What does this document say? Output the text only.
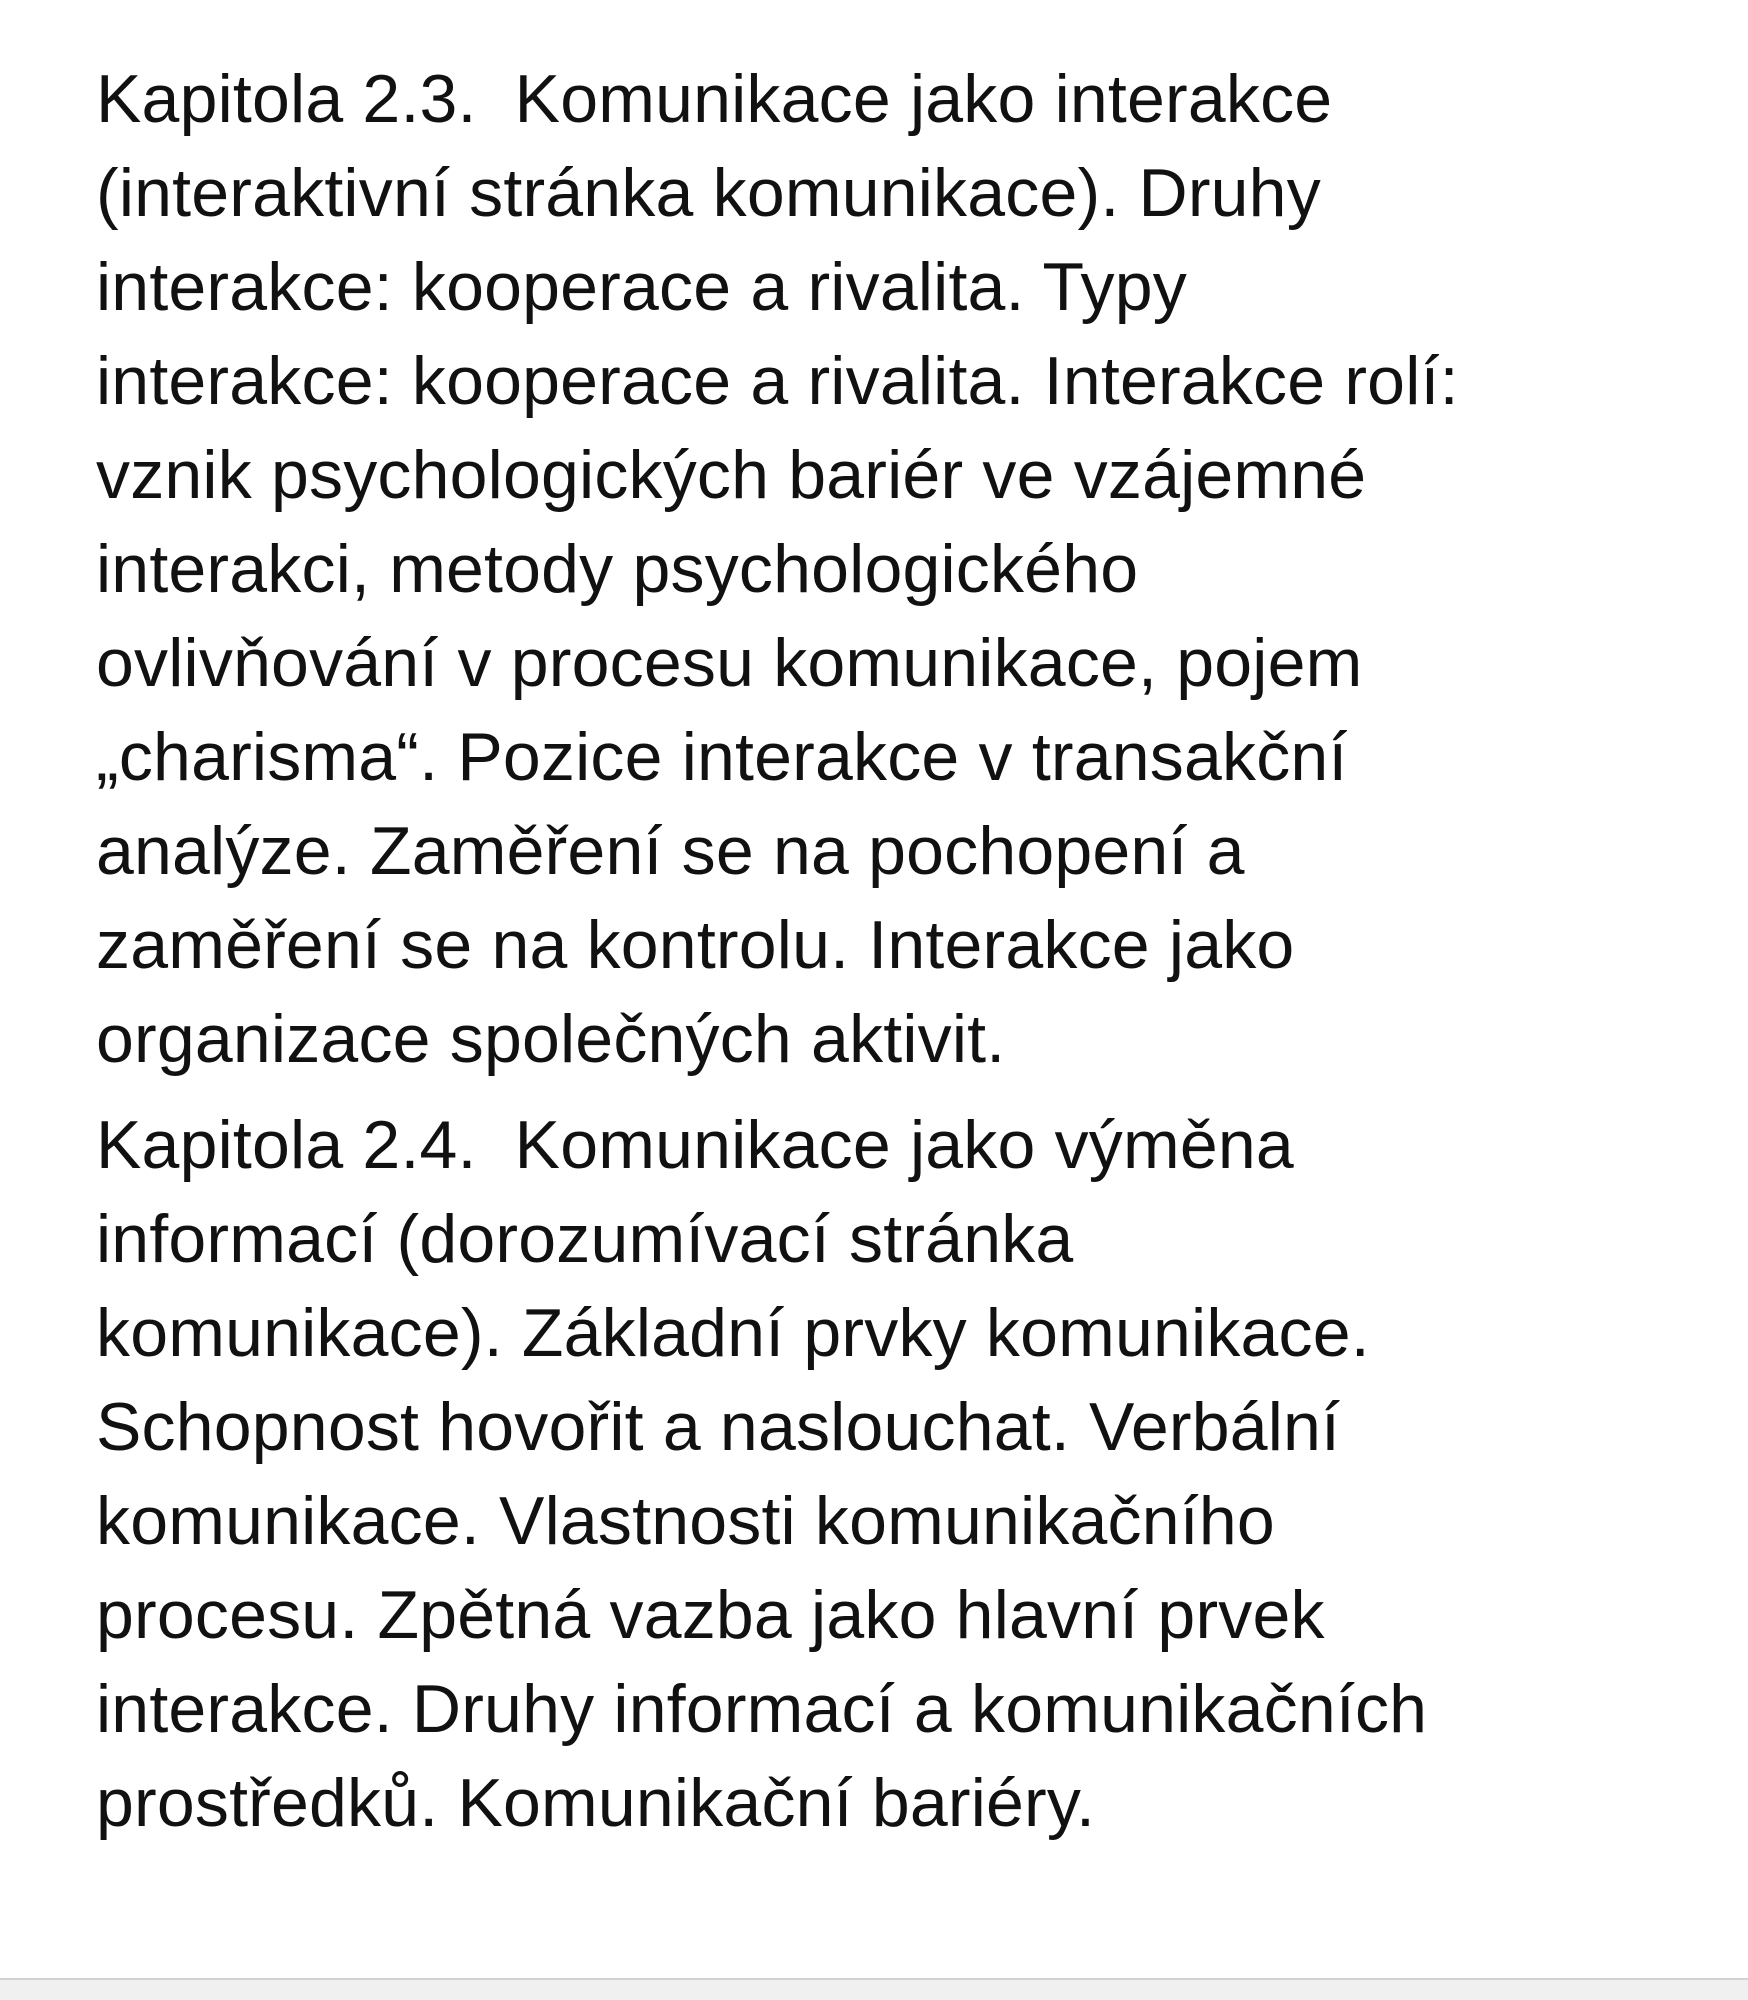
Kapitola 2.3. Komunikace jako interakce
(interaktivní stránka komunikace). Druhy
interakce: kooperace a rivalita. Typy
interakce: kooperace a rivalita. Interakce rolí:
vznik psychologických bariér ve vzájemné
interakci, metody psychologického
ovlivňování v procesu komunikace, pojem
„charisma“. Pozice interakce v transakční
analýze. Zaměření se na pochopení a
zaměření se na kontrolu. Interakce jako
organizace společných aktivit.

Kapitola 2.4. Komunikace jako výměna
informací (dorozumívací stránka
komunikace). Základní prvky komunikace.
Schopnost hovořit a naslouchat. Verbální
komunikace. Vlastnosti komunikačního
procesu. Zpětná vazba jako hlavní prvek
interakce. Druhy informací a komunikačních
prostředků. Komunikační bariéry.
